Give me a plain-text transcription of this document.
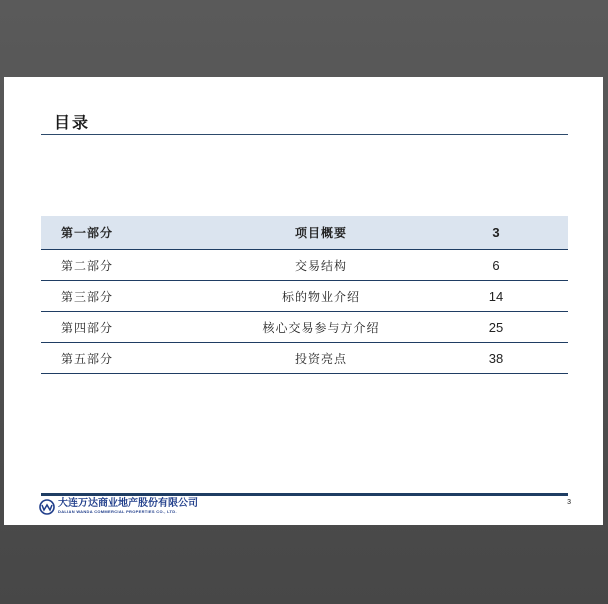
目录
第一部分	项目概要	3
第二部分	交易结构	6
第三部分	标的物业介绍	14
第四部分	核心交易参与方介绍	25
第五部分	投资亮点	38
大连万达商业地产股份有限公司
DALIAN WANDA COMMERCIAL PROPERTIES CO., LTD.
3
